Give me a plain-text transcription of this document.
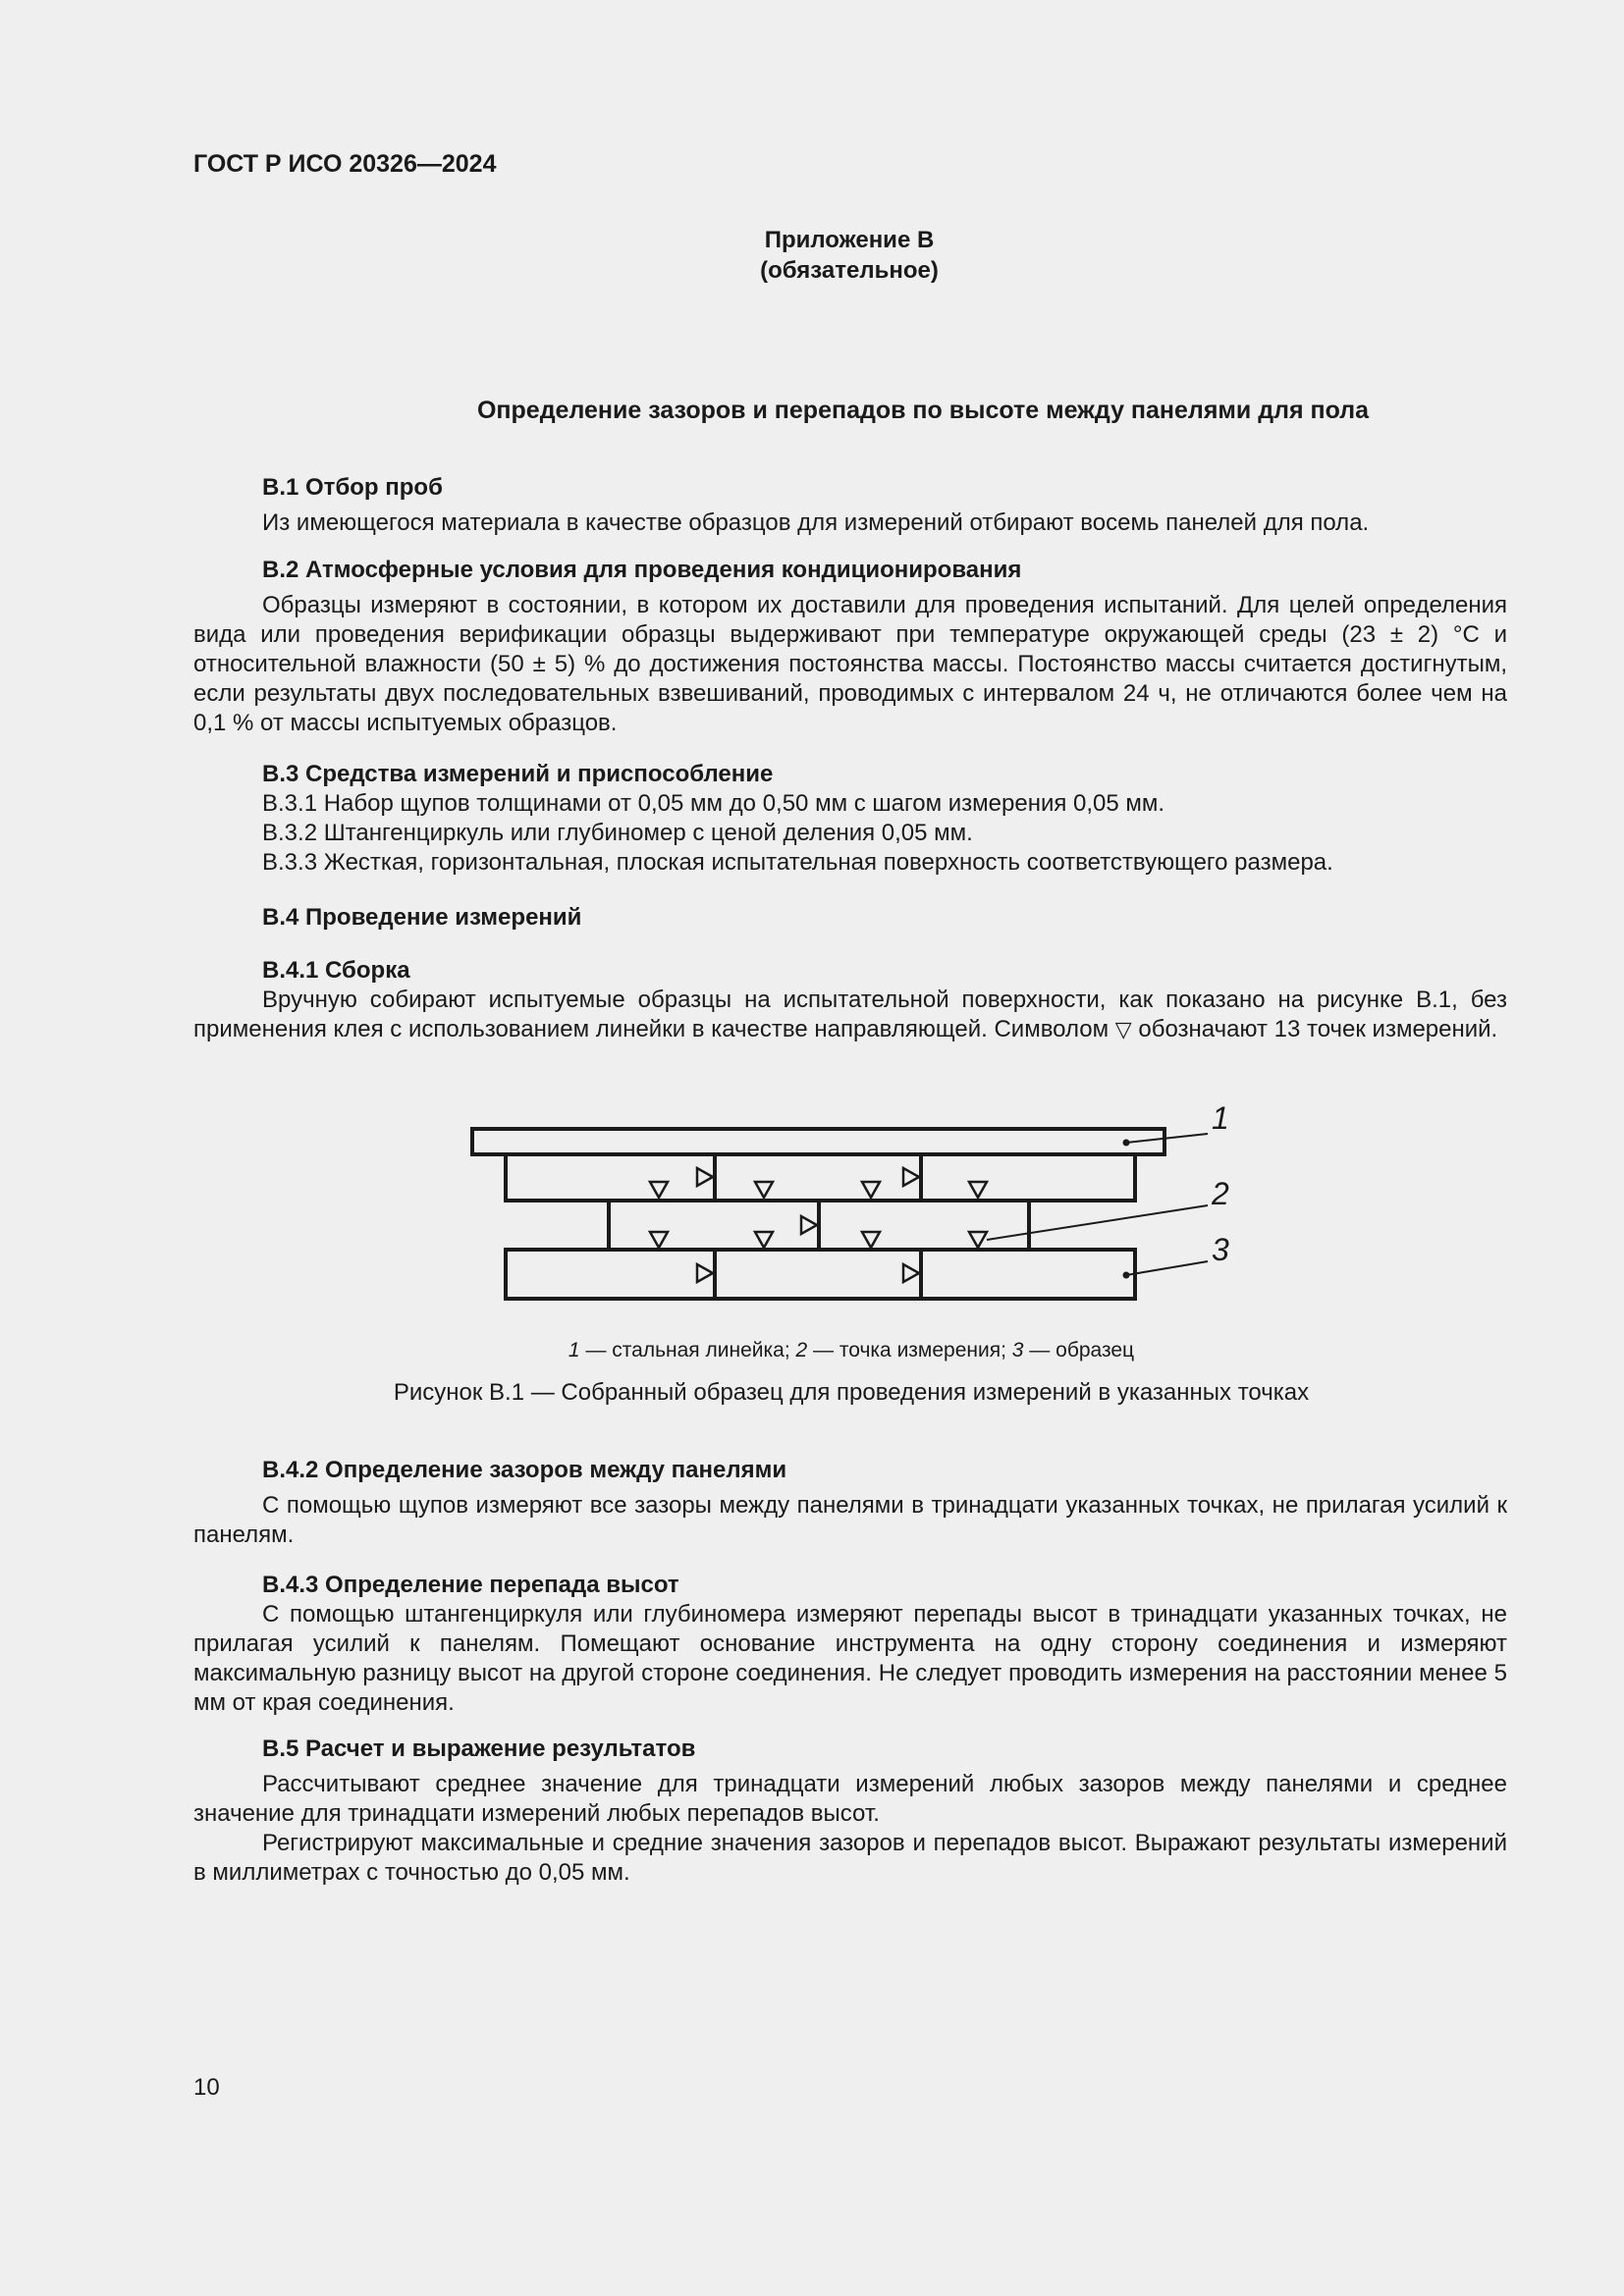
ГОСТ Р ИСО 20326—2024
Приложение В
(обязательное)
Определение зазоров и перепадов по высоте между панелями для пола
В.1 Отбор проб

Из имеющегося материала в качестве образцов для измерений отбирают восемь панелей для пола.

В.2 Атмосферные условия для проведения кондиционирования

Образцы измеряют в состоянии, в котором их доставили для проведения испытаний. Для целей определения вида или проведения верификации образцы выдерживают при температуре окружающей среды (23 ± 2) °С и относительной влажности (50 ± 5) % до достижения постоянства массы. Постоянство массы считается достигнутым, если результаты двух последовательных взвешиваний, проводимых с интервалом 24 ч, не отличаются более чем на 0,1 % от массы испытуемых образцов.

В.3 Средства измерений и приспособление
В.3.1 Набор щупов толщинами от 0,05 мм до 0,50 мм с шагом измерения 0,05 мм.
В.3.2 Штангенциркуль или глубиномер с ценой деления 0,05 мм.
В.3.3 Жесткая, горизонтальная, плоская испытательная поверхность соответствующего размера.
В.4 Проведение измерений
В.4.1 Сборка

Вручную собирают испытуемые образцы на испытательной поверхности, как показано на рисунке В.1, без применения клея с использованием линейки в качестве направляющей. Символом ▽ обозначают 13 точек измерений.

1
2
3
1 — стальная линейка; 2 — точка измерения; 3 — образец
Рисунок В.1 — Собранный образец для проведения измерений в указанных точках
В.4.2 Определение зазоров между панелями

С помощью щупов измеряют все зазоры между панелями в тринадцати указанных точках, не прилагая усилий к панелям.

В.4.3 Определение перепада высот

С помощью штангенциркуля или глубиномера измеряют перепады высот в тринадцати указанных точках, не прилагая усилий к панелям. Помещают основание инструмента на одну сторону соединения и измеряют максимальную разницу высот на другой стороне соединения. Не следует проводить измерения на расстоянии менее 5 мм от края соединения.

В.5 Расчет и выражение результатов

Рассчитывают среднее значение для тринадцати измерений любых зазоров между панелями и среднее значение для тринадцати измерений любых перепадов высот.

Регистрируют максимальные и средние значения зазоров и перепадов высот. Выражают результаты измерений в миллиметрах с точностью до 0,05 мм.

10
